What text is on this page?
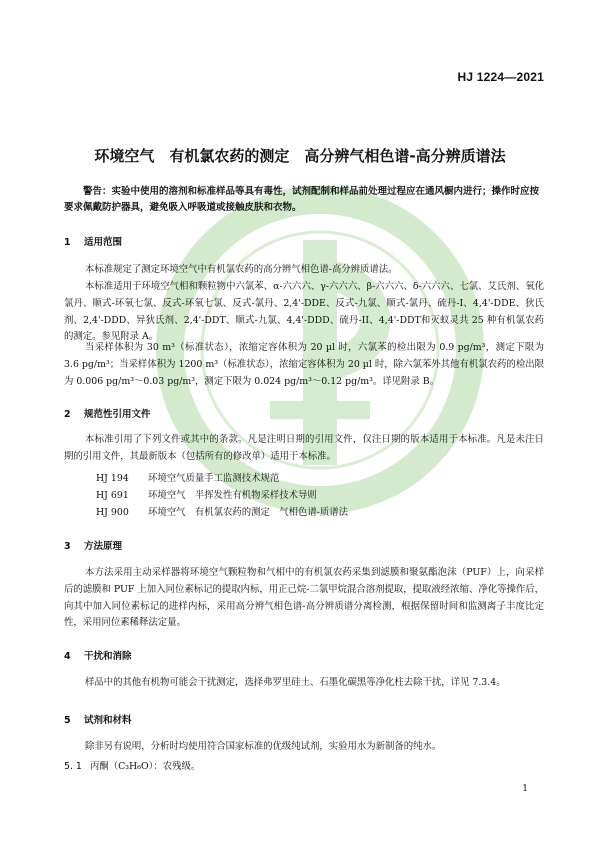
HJ 1224—2021
环境空气　有机氯农药的测定　高分辨气相色谱-高分辨质谱法
警告：实验中使用的溶剂和标准样品等具有毒性，试剂配制和样品前处理过程应在通风橱内进行；操作时应按要求佩戴防护器具，避免吸入呼吸道或接触皮肤和衣物。
1 适用范围
本标准规定了测定环境空气中有机氯农药的高分辨气相色谱-高分辨质谱法。
本标准适用于环境空气相和颗粒物中六氯苯、α-六六六、γ-六六六、β-六六六、δ-六六六、七氯、艾氏剂、氧化氯丹、顺式-环氧七氯、反式-环氧七氯、反式-氯丹、2,4'-DDE、反式-九氯、顺式-氯丹、硫丹-I、4,4'-DDE、狄氏剂、2,4'-DDD、异狄氏剂、2,4'-DDT、顺式-九氯、4,4'-DDD、硫丹-II、4,4'-DDT和灭蚁灵共 25 种有机氯农药的测定。参见附录 A。
当采样体积为 30 m³（标准状态），浓缩定容体积为 20 µl 时，六氯苯的检出限为 0.9 pg/m³，测定下限为 3.6 pg/m³；当采样体积为 1200 m³（标准状态），浓缩定容体积为 20 µl 时，除六氯苯外其他有机氯农药的检出限为 0.006 pg/m³～0.03 pg/m³，测定下限为 0.024 pg/m³～0.12 pg/m³。详见附录 B。
2 规范性引用文件
本标准引用了下列文件或其中的条款。凡是注明日期的引用文件，仅注日期的版本适用于本标准。凡是未注日期的引用文件，其最新版本（包括所有的修改单）适用于本标准。
HJ 194	环境空气质量手工监测技术规范
HJ 691	环境空气　半挥发性有机物采样技术导则
HJ 900	环境空气　有机氯农药的测定　气相色谱-质谱法
3 方法原理
本方法采用主动采样器将环境空气颗粒物和气相中的有机氯农药采集到滤膜和聚氨酯泡沫（PUF）上，向采样后的滤膜和 PUF 上加入同位素标记的提取内标，用正己烷-二氯甲烷混合溶剂提取，提取液经浓缩、净化等操作后，向其中加入同位素标记的进样内标，采用高分辨气相色谱-高分辨质谱分离检测，根据保留时间和监测离子丰度比定性，采用同位素稀释法定量。
4 干扰和消除
样品中的其他有机物可能会干扰测定，选择弗罗里硅土、石墨化碳黑等净化柱去除干扰，详见 7.3.4。
5 试剂和材料
除非另有说明，分析时均使用符合国家标准的优级纯试剂，实验用水为新制备的纯水。
5. 1 丙酮（C₃H₆O）：农残级。
1
